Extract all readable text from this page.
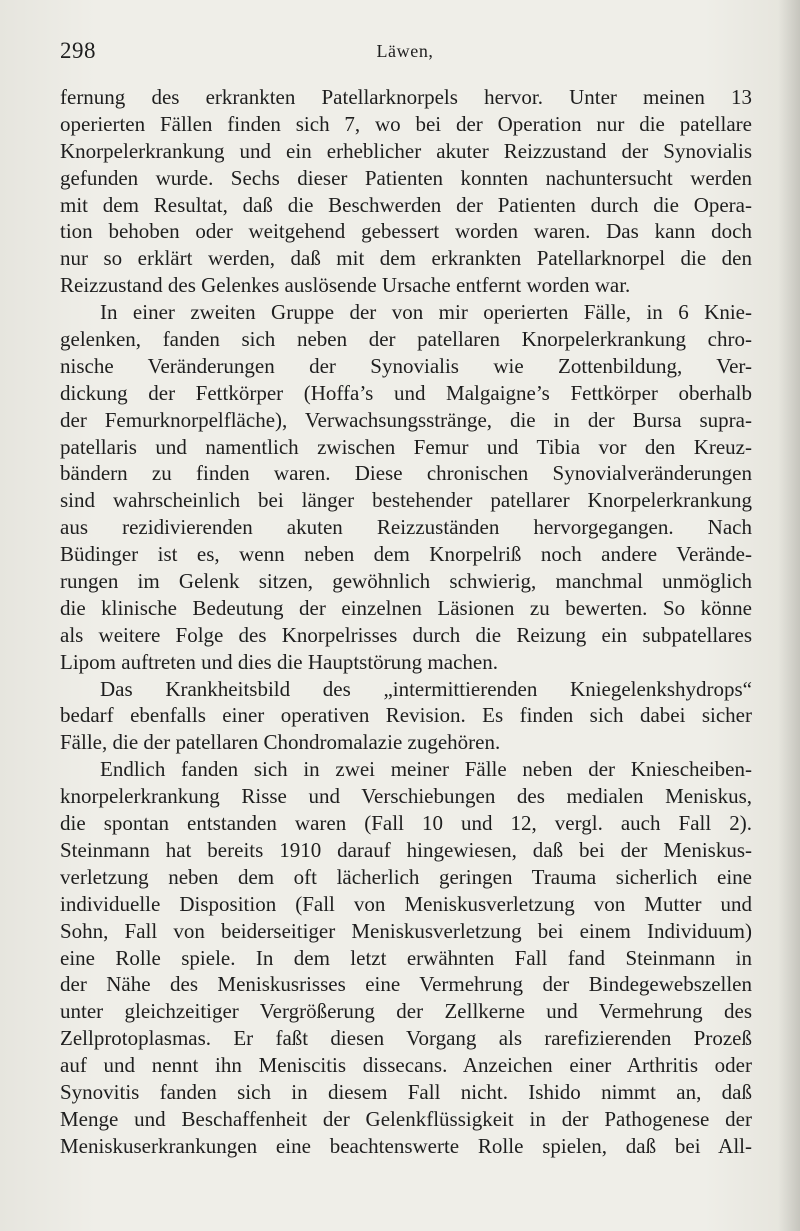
298	Läwen,
fernung des erkrankten Patellarknorpels hervor. Unter meinen 13
operierten Fällen finden sich 7, wo bei der Operation nur die patellare
Knorpelerkrankung und ein erheblicher akuter Reizzustand der Synovialis
gefunden wurde. Sechs dieser Patienten konnten nachuntersucht werden
mit dem Resultat, daß die Beschwerden der Patienten durch die Opera-
tion behoben oder weitgehend gebessert worden waren. Das kann doch
nur so erklärt werden, daß mit dem erkrankten Patellarknorpel die den
Reizzustand des Gelenkes auslösende Ursache entfernt worden war.
In einer zweiten Gruppe der von mir operierten Fälle, in 6 Knie-
gelenken, fanden sich neben der patellaren Knorpelerkrankung chro-
nische Veränderungen der Synovialis wie Zottenbildung, Ver-
dickung der Fettkörper (Hoffa’s und Malgaigne’s Fettkörper oberhalb
der Femurknorpelfläche), Verwachsungsstränge, die in der Bursa supra-
patellaris und namentlich zwischen Femur und Tibia vor den Kreuz-
bändern zu finden waren. Diese chronischen Synovialveränderungen
sind wahrscheinlich bei länger bestehender patellarer Knorpelerkrankung
aus rezidivierenden akuten Reizzuständen hervorgegangen. Nach
Büdinger ist es, wenn neben dem Knorpelriß noch andere Verände-
rungen im Gelenk sitzen, gewöhnlich schwierig, manchmal unmöglich
die klinische Bedeutung der einzelnen Läsionen zu bewerten. So könne
als weitere Folge des Knorpelrisses durch die Reizung ein subpatellares
Lipom auftreten und dies die Hauptstörung machen.
Das Krankheitsbild des „intermittierenden Kniegelenkshydrops“
bedarf ebenfalls einer operativen Revision. Es finden sich dabei sicher
Fälle, die der patellaren Chondromalazie zugehören.
Endlich fanden sich in zwei meiner Fälle neben der Kniescheiben-
knorpelerkrankung Risse und Verschiebungen des medialen Meniskus,
die spontan entstanden waren (Fall 10 und 12, vergl. auch Fall 2).
Steinmann hat bereits 1910 darauf hingewiesen, daß bei der Meniskus-
verletzung neben dem oft lächerlich geringen Trauma sicherlich eine
individuelle Disposition (Fall von Meniskusverletzung von Mutter und
Sohn, Fall von beiderseitiger Meniskusverletzung bei einem Individuum)
eine Rolle spiele. In dem letzt erwähnten Fall fand Steinmann in
der Nähe des Meniskusrisses eine Vermehrung der Bindegewebszellen
unter gleichzeitiger Vergrößerung der Zellkerne und Vermehrung des
Zellprotoplasmas. Er faßt diesen Vorgang als rarefizierenden Prozeß
auf und nennt ihn Meniscitis dissecans. Anzeichen einer Arthritis oder
Synovitis fanden sich in diesem Fall nicht. Ishido nimmt an, daß
Menge und Beschaffenheit der Gelenkflüssigkeit in der Pathogenese der
Meniskuserkrankungen eine beachtenswerte Rolle spielen, daß bei All-
